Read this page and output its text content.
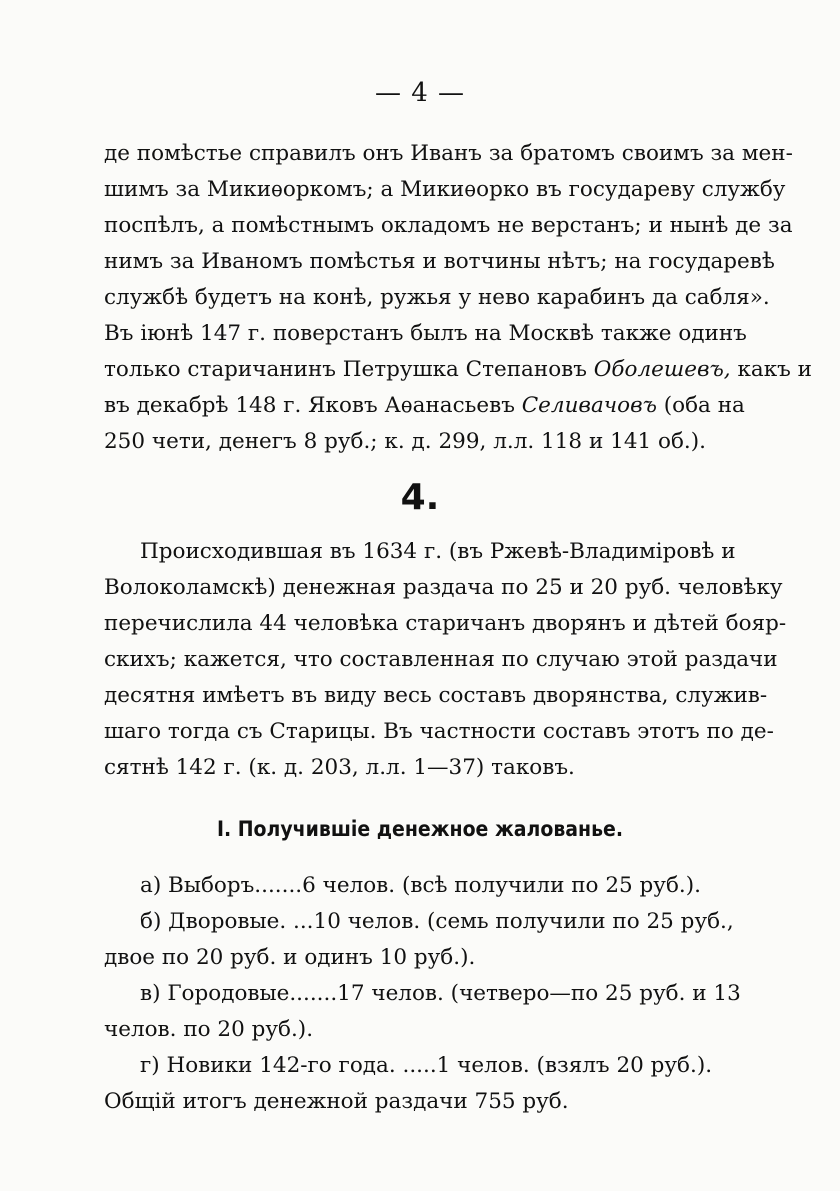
— 4 —
де помѣстье справилъ онъ Иванъ за братомъ своимъ за мен-
шимъ за Микиѳоркомъ; а Микиѳорко въ государеву службу
поспѣлъ, а помѣстнымъ окладомъ не верстанъ; и нынѣ де за
нимъ за Иваномъ помѣстья и вотчины нѣтъ; на государевѣ
службѣ будетъ на конѣ, ружья у нево карабинъ да сабля».
Въ іюнѣ 147 г. поверстанъ былъ на Москвѣ также одинъ
только старичанинъ Петрушка Степановъ Оболешевъ, какъ и
въ декабрѣ 148 г. Яковъ Аѳанасьевъ Селивачовъ (оба на
250 чети, денегъ 8 руб.; к. д. 299, л.л. 118 и 141 об.).
4.
Происходившая въ 1634 г. (въ Ржевѣ-Владиміровѣ и
Волоколамскѣ) денежная раздача по 25 и 20 руб. человѣку
перечислила 44 человѣка старичанъ дворянъ и дѣтей бояр-
скихъ; кажется, что составленная по случаю этой раздачи
десятня имѣетъ въ виду весь составъ дворянства, служив-
шаго тогда съ Старицы. Въ частности составъ этотъ по де-
сятнѣ 142 г. (к. д. 203, л.л. 1—37) таковъ.
I. Получившіе денежное жалованье.
а) Выборъ.......6 челов. (всѣ получили по 25 руб.).
б) Дворовые. ...10 челов. (семь получили по 25 руб.,
двое по 20 руб. и одинъ 10 руб.).
в) Городовые.......17 челов. (четверо—по 25 руб. и 13
челов. по 20 руб.).
г) Новики 142-го года. .....1 челов. (взялъ 20 руб.).
Общій итогъ денежной раздачи 755 руб.
